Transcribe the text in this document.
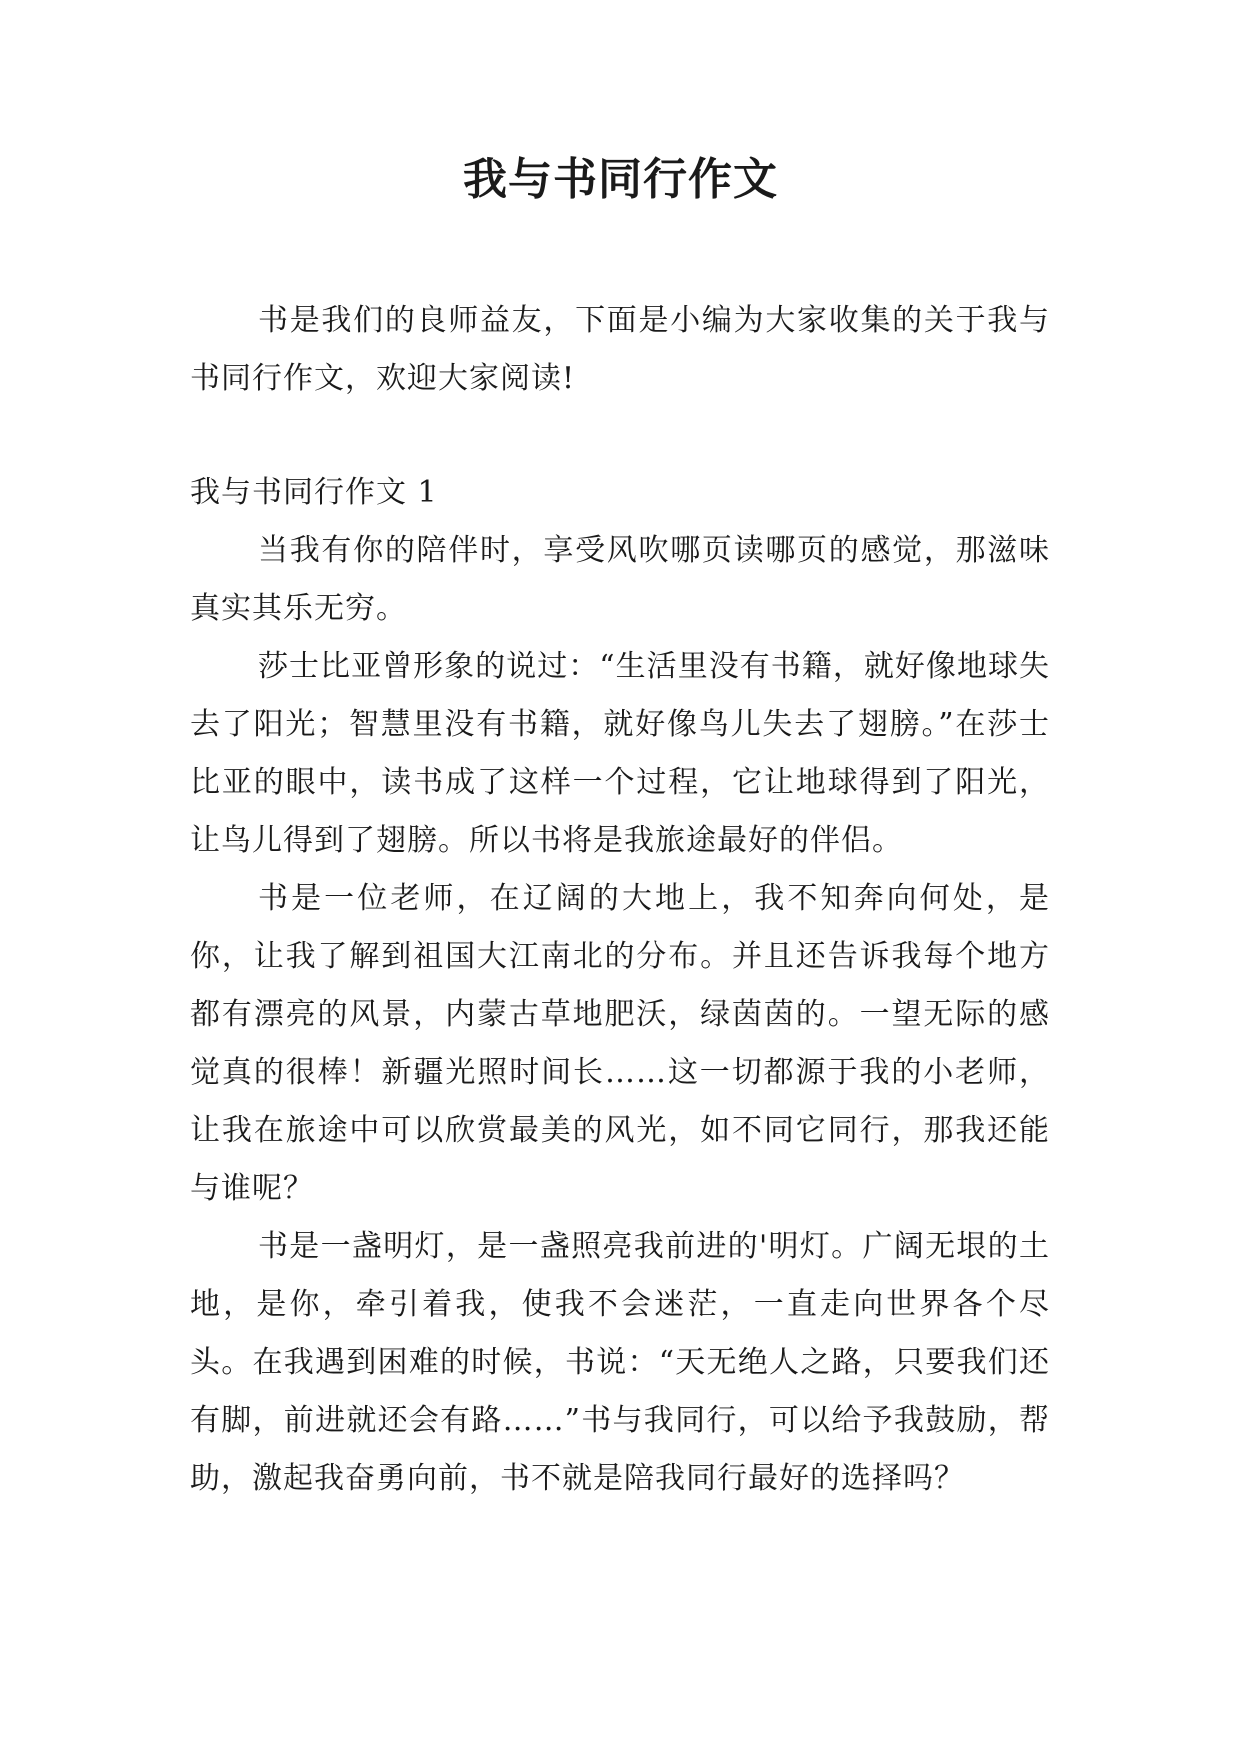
我与书同行作文

书是我们的良师益友，下面是小编为大家收集的关于我与书同行作文，欢迎大家阅读!

我与书同行作文 1

当我有你的陪伴时，享受风吹哪页读哪页的感觉，那滋味真实其乐无穷。

莎士比亚曾形象的说过：“生活里没有书籍，就好像地球失去了阳光；智慧里没有书籍，就好像鸟儿失去了翅膀。”在莎士比亚的眼中，读书成了这样一个过程，它让地球得到了阳光，让鸟儿得到了翅膀。所以书将是我旅途最好的伴侣。

书是一位老师，在辽阔的大地上，我不知奔向何处，是你，让我了解到祖国大江南北的分布。并且还告诉我每个地方都有漂亮的风景，内蒙古草地肥沃，绿茵茵的。一望无际的感觉真的很棒！新疆光照时间长……这一切都源于我的小老师，让我在旅途中可以欣赏最美的风光，如不同它同行，那我还能与谁呢？

书是一盏明灯，是一盏照亮我前进的'明灯。广阔无垠的土地，是你，牵引着我，使我不会迷茫，一直走向世界各个尽头。在我遇到困难的时候，书说：“天无绝人之路，只要我们还有脚，前进就还会有路……”书与我同行，可以给予我鼓励，帮助，激起我奋勇向前，书不就是陪我同行最好的选择吗？
